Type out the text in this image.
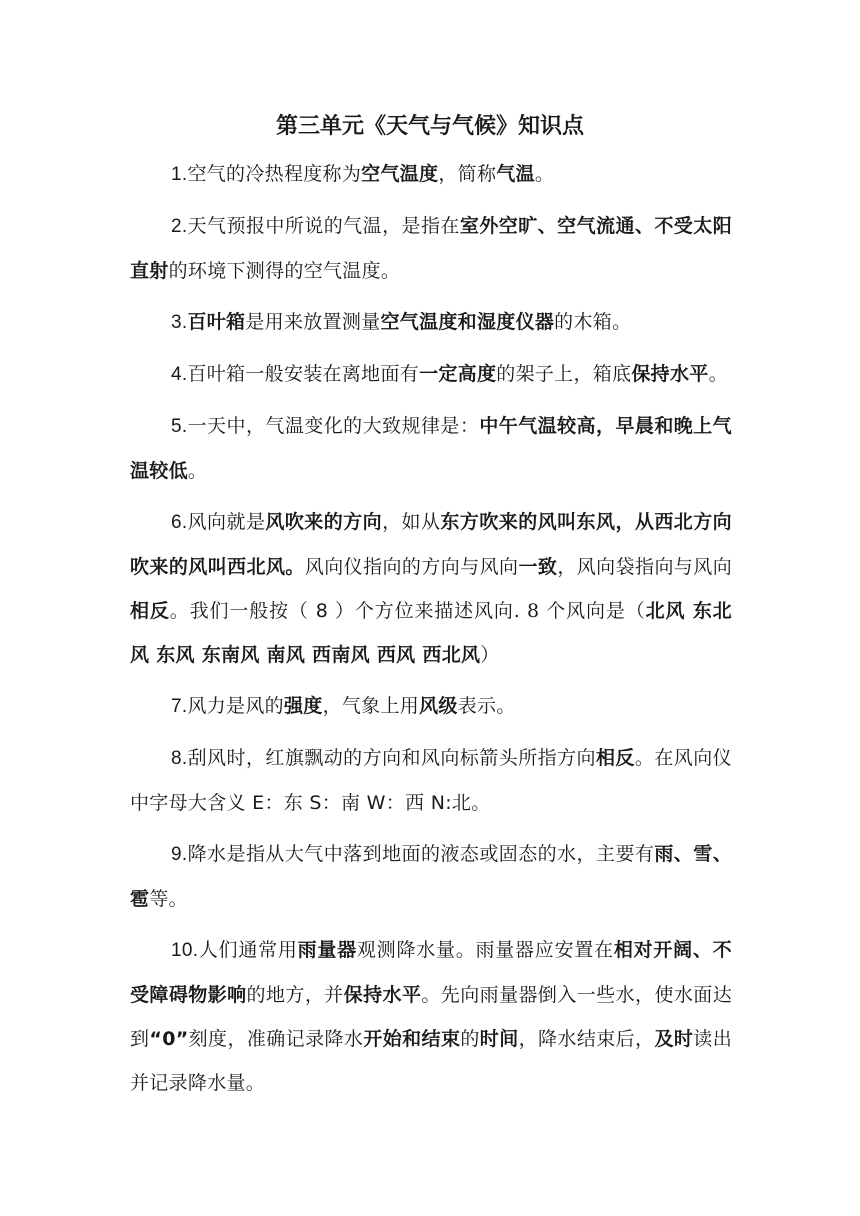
第三单元《天气与气候》知识点

1.空气的冷热程度称为空气温度，简称气温。

2.天气预报中所说的气温，是指在室外空旷、空气流通、不受太阳直射的环境下测得的空气温度。

3.百叶箱是用来放置测量空气温度和湿度仪器的木箱。

4.百叶箱一般安装在离地面有一定高度的架子上，箱底保持水平。

5.一天中，气温变化的大致规律是：中午气温较高，早晨和晚上气温较低。

6.风向就是风吹来的方向，如从东方吹来的风叫东风，从西北方向吹来的风叫西北风。风向仪指向的方向与风向一致，风向袋指向与风向相反。我们一般按（ 8 ）个方位来描述风向. 8 个风向是（北风 东北风 东风 东南风 南风 西南风 西风 西北风）

7.风力是风的强度，气象上用风级表示。

8.刮风时，红旗飘动的方向和风向标箭头所指方向相反。在风向仪中字母大含义 E：东 S：南 W：西 N:北。

9.降水是指从大气中落到地面的液态或固态的水，主要有雨、雪、雹等。

10.人们通常用雨量器观测降水量。雨量器应安置在相对开阔、不受障碍物影响的地方，并保持水平。先向雨量器倒入一些水，使水面达到“0”刻度，准确记录降水开始和结束的时间，降水结束后，及时读出并记录降水量。
